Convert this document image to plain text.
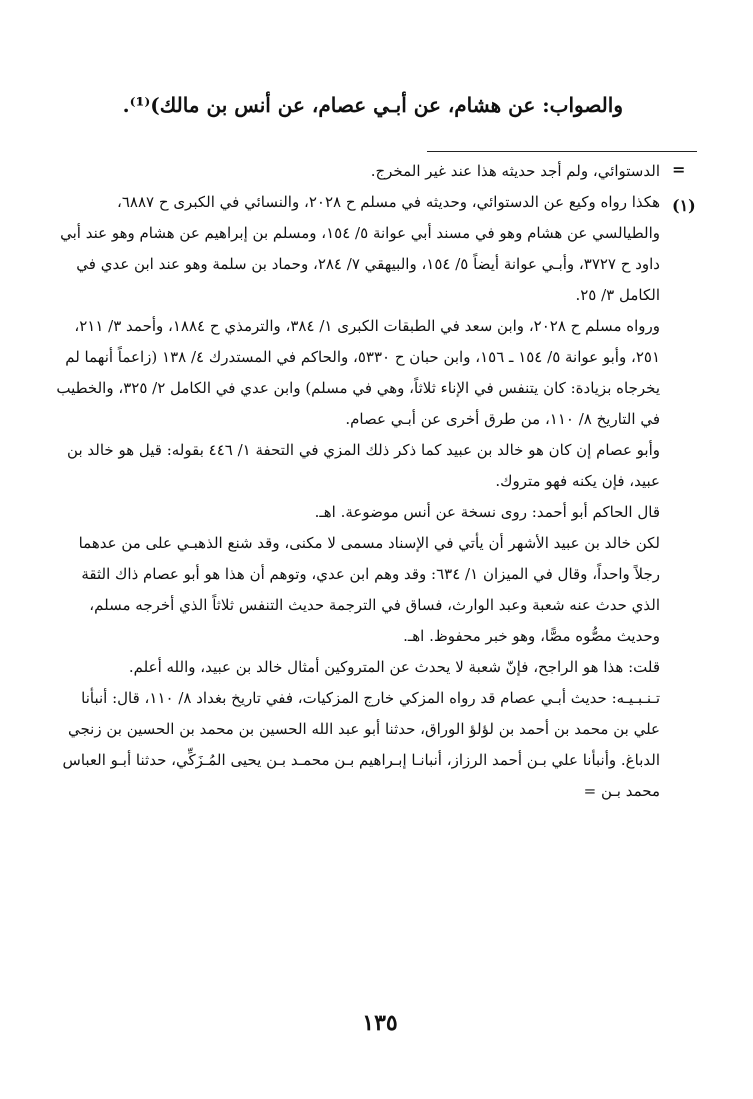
والصواب: عن هشام، عن أبـي عصام، عن أنس بن مالك)⁽¹⁾.
=
(١)

الدستوائي، ولم أجد حديثه هذا عند غير المخرج.

هكذا رواه وكيع عن الدستوائي، وحديثه في مسلم ح ٢٠٢٨، والنسائي في الكبرى ح ٦٨٨٧، والطيالسي عن هشام وهو في مسند أبي عوانة ٥/ ١٥٤، ومسلم بن إبراهيم عن هشام وهو عند أبي داود ح ٣٧٢٧، وأبـي عوانة أيضاً ٥/ ١٥٤، والبيهقي ٧/ ٢٨٤، وحماد بن سلمة وهو عند ابن عدي في الكامل ٣/ ٢٥.

ورواه مسلم ح ٢٠٢٨، وابن سعد في الطبقات الكبرى ١/ ٣٨٤، والترمذي ح ١٨٨٤، وأحمد ٣/ ٢١١، ٢٥١، وأبو عوانة ٥/ ١٥٤ ـ ١٥٦، وابن حبان ح ٥٣٣٠، والحاكم في المستدرك ٤/ ١٣٨ (زاعماً أنهما لم يخرجاه بزيادة: كان يتنفس في الإناء ثلاثاً، وهي في مسلم) وابن عدي في الكامل ٢/ ٣٢٥، والخطيب في التاريخ ٨/ ١١٠، من طرق أخرى عن أبـي عصام.

وأبو عصام إن كان هو خالد بن عبيد كما ذكر ذلك المزي في التحفة ١/ ٤٤٦ بقوله: قيل هو خالد بن عبيد، فإن يكنه فهو متروك.

قال الحاكم أبو أحمد: روى نسخة عن أنس موضوعة. اهـ.

لكن خالد بن عبيد الأشهر أن يأتي في الإسناد مسمى لا مكنى، وقد شنع الذهبـي على من عدهما رجلاً واحداً، وقال في الميزان ١/ ٦٣٤: وقد وهم ابن عدي، وتوهم أن هذا هو أبو عصام ذاك الثقة الذي حدث عنه شعبة وعبد الوارث، فساق في الترجمة حديث التنفس ثلاثاً الذي أخرجه مسلم، وحديث مصُّوه مصًّا، وهو خبر محفوظ. اهـ.

قلت: هذا هو الراجح، فإنّ شعبة لا يحدث عن المتروكين أمثال خالد بن عبيد، والله أعلم.

تـنـبـيـه: حديث أبـي عصام قد رواه المزكي خارج المزكيات، ففي تاريخ بغداد ٨/ ١١٠، قال: أنبأنا علي بن محمد بن أحمد بن لؤلؤ الوراق، حدثنا أبو عبد الله الحسين بن محمد بن الحسين بن زنجي الدباغ. وأنبأنا علي بـن أحمد الرزاز، أنبانـا إبـراهيم بـن محمـد بـن يحيى المُـزَكِّي، حدثنا أبـو العباس محمد بـن =

١٣٥
